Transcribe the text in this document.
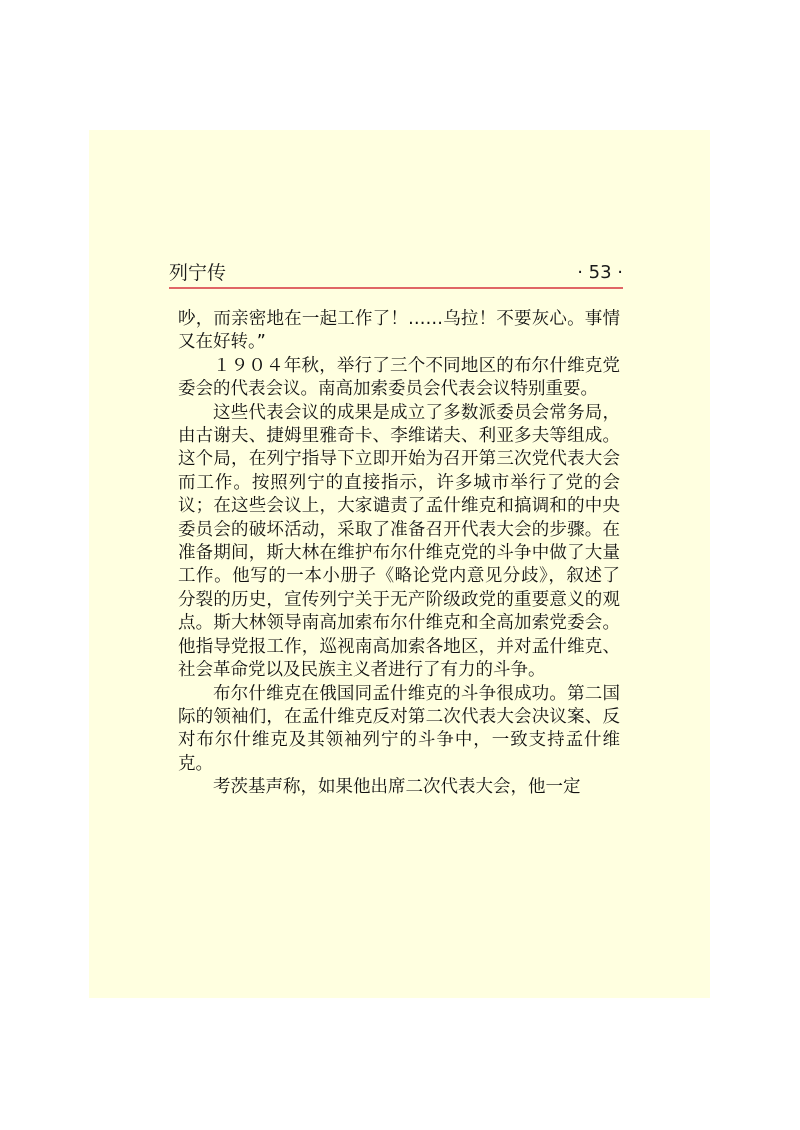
列宁传	· 53 ·

吵，而亲密地在一起工作了！……乌拉！不要灰心。事情又在好转。”

１９０４年秋，举行了三个不同地区的布尔什维克党委会的代表会议。南高加索委员会代表会议特别重要。

这些代表会议的成果是成立了多数派委员会常务局，由古谢夫、捷姆里雅奇卡、李维诺夫、利亚多夫等组成。这个局，在列宁指导下立即开始为召开第三次党代表大会而工作。按照列宁的直接指示，许多城市举行了党的会议；在这些会议上，大家谴责了孟什维克和搞调和的中央委员会的破坏活动，采取了准备召开代表大会的步骤。在准备期间，斯大林在维护布尔什维克党的斗争中做了大量工作。他写的一本小册子《略论党内意见分歧》，叙述了分裂的历史，宣传列宁关于无产阶级政党的重要意义的观点。斯大林领导南高加索布尔什维克和全高加索党委会。他指导党报工作，巡视南高加索各地区，并对孟什维克、社会革命党以及民族主义者进行了有力的斗争。

布尔什维克在俄国同孟什维克的斗争很成功。第二国际的领袖们，在孟什维克反对第二次代表大会决议案、反对布尔什维克及其领袖列宁的斗争中，一致支持孟什维克。

考茨基声称，如果他出席二次代表大会，他一定
